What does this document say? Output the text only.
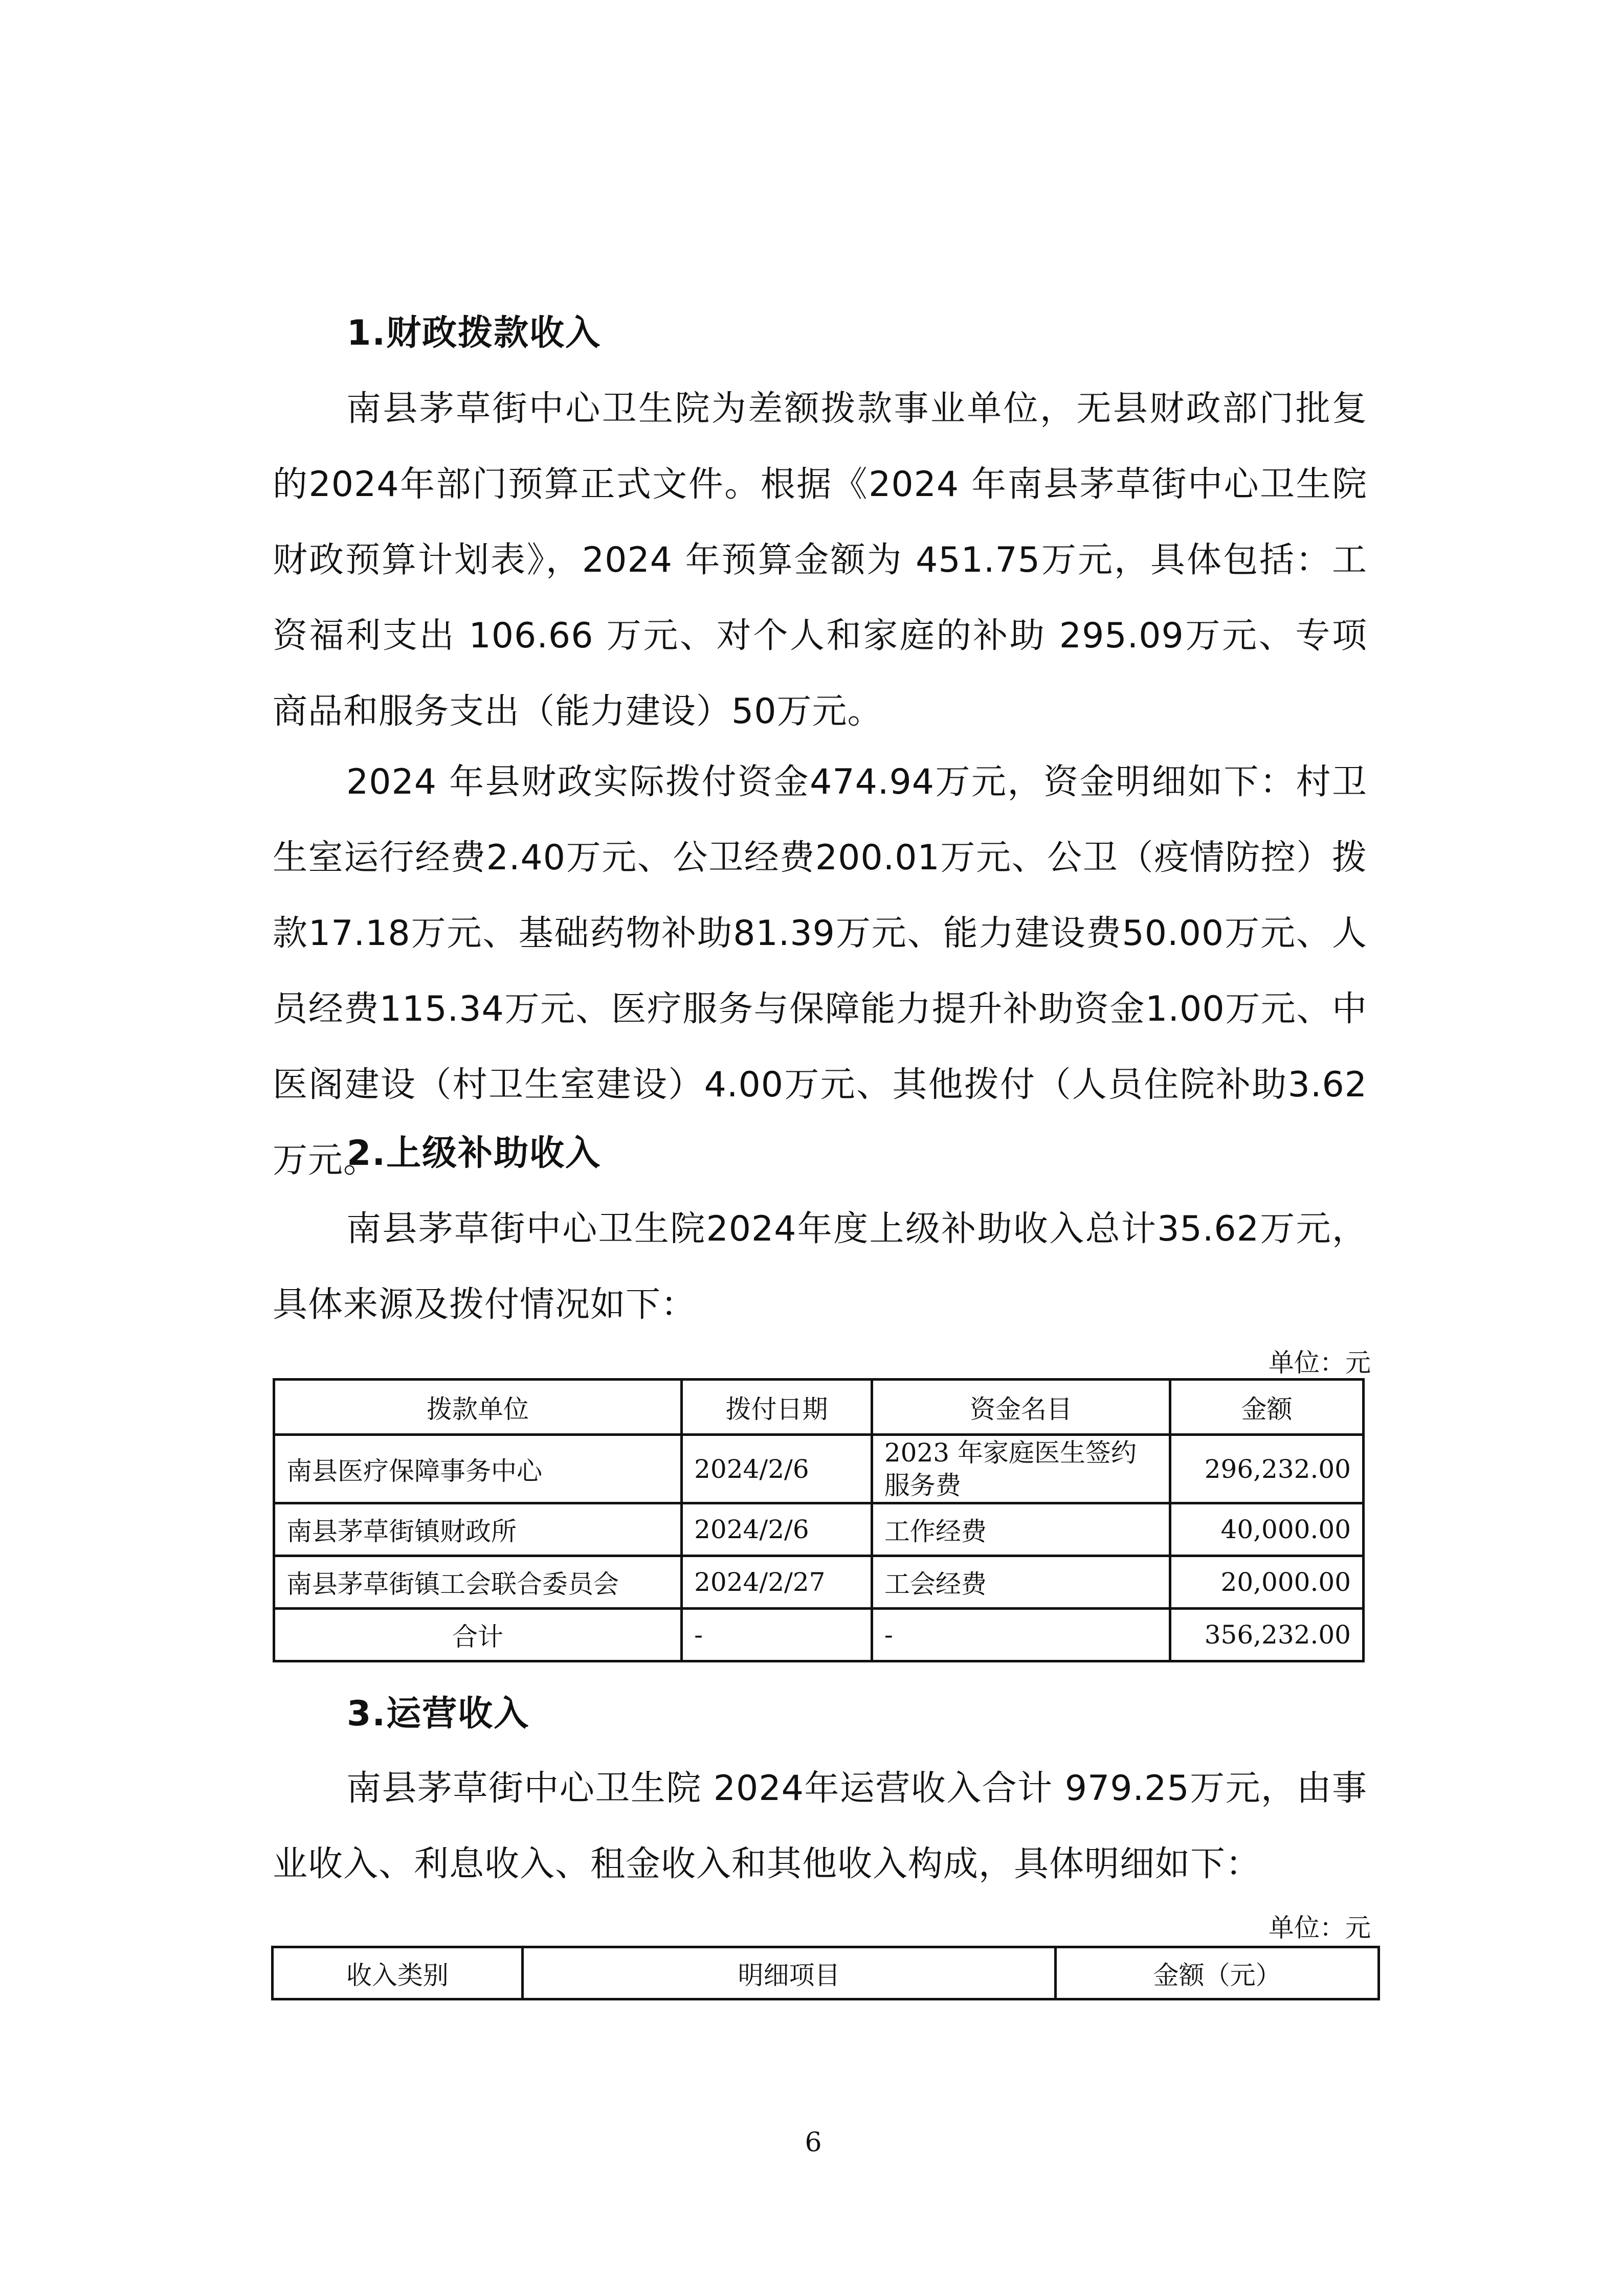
1.财政拨款收入
南县茅草街中心卫生院为差额拨款事业单位，无县财政部门批复的2024年部门预算正式文件。根据《2024 年南县茅草街中心卫生院财政预算计划表》，2024 年预算金额为 451.75万元，具体包括：工资福利支出 106.66 万元、对个人和家庭的补助 295.09万元、专项商品和服务支出（能力建设）50万元。
2024 年县财政实际拨付资金474.94万元，资金明细如下：村卫生室运行经费2.40万元、公卫经费200.01万元、公卫（疫情防控）拨款17.18万元、基础药物补助81.39万元、能力建设费50.00万元、人员经费115.34万元、医疗服务与保障能力提升补助资金1.00万元、中医阁建设（村卫生室建设）4.00万元、其他拨付（人员住院补助3.62万元。
2.上级补助收入
南县茅草街中心卫生院2024年度上级补助收入总计35.62万元，具体来源及拨付情况如下：
单位：元
拨款单位	拨付日期	资金名目	金额
南县医疗保障事务中心	2024/2/6	2023 年家庭医生签约服务费	296,232.00
南县茅草街镇财政所	2024/2/6	工作经费	40,000.00
南县茅草街镇工会联合委员会	2024/2/27	工会经费	20,000.00
合计	-	-	356,232.00
3.运营收入
南县茅草街中心卫生院 2024年运营收入合计 979.25万元，由事业收入、利息收入、租金收入和其他收入构成，具体明细如下：
单位：元
收入类别	明细项目	金额（元）
6
